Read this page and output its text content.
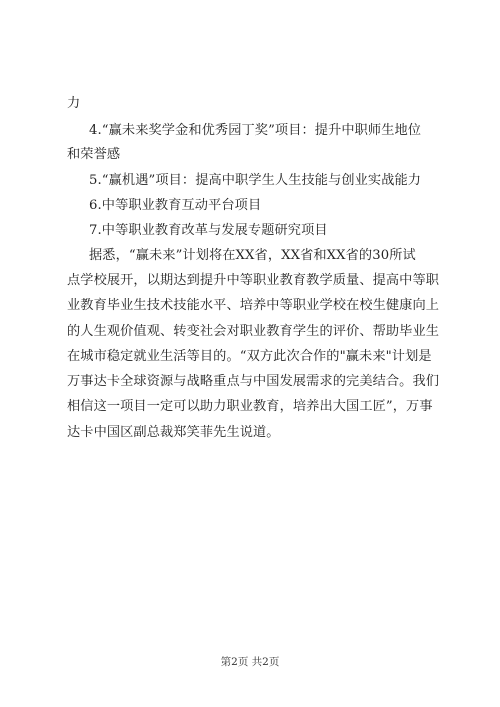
力
4.“赢未来奖学金和优秀园丁奖”项目：提升中职师生地位
和荣誉感
5.“赢机遇”项目：提高中职学生人生技能与创业实战能力
6.中等职业教育互动平台项目
7.中等职业教育改革与发展专题研究项目
据悉，“赢未来”计划将在XX省，XX省和XX省的30所试
点学校展开，以期达到提升中等职业教育教学质量、提高中等职
业教育毕业生技术技能水平、培养中等职业学校在校生健康向上
的人生观价值观、转变社会对职业教育学生的评价、帮助毕业生
在城市稳定就业生活等目的。“双方此次合作的"赢未来"计划是
万事达卡全球资源与战略重点与中国发展需求的完美结合。我们
相信这一项目一定可以助力职业教育，培养出大国工匠”，万事
达卡中国区副总裁郑笑菲先生说道。
第2页 共2页
